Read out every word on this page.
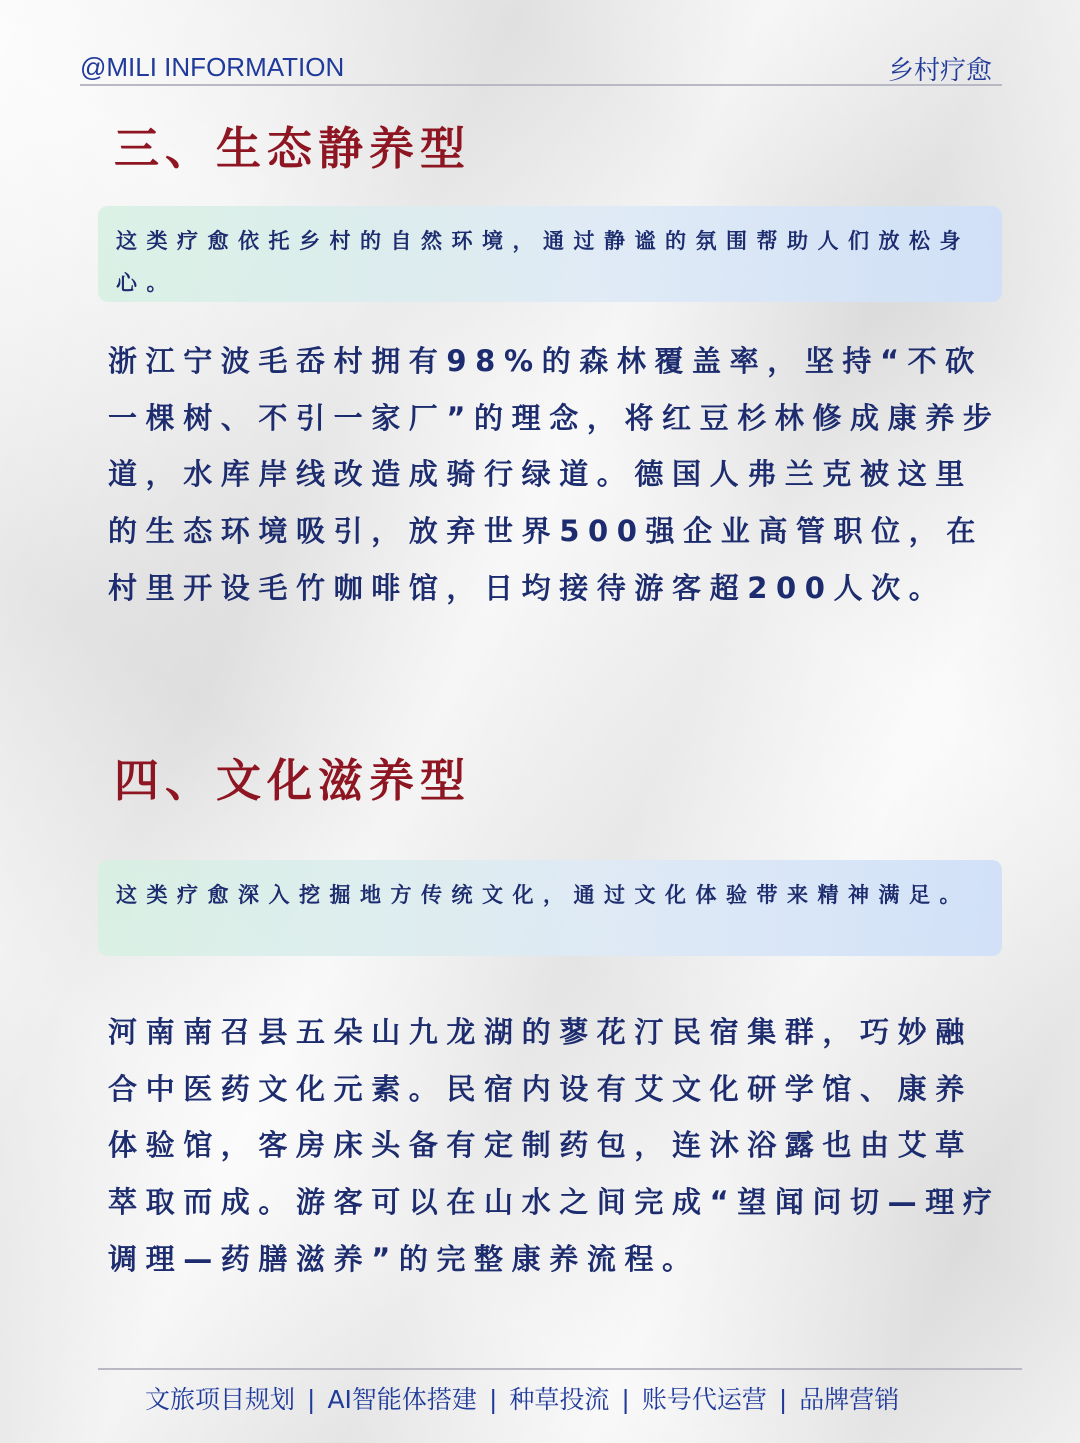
@MILI INFORMATION	乡村疗愈
三、生态静养型
这类疗愈依托乡村的自然环境，通过静谧的氛围帮助人们放松身心。

浙江宁波毛岙村拥有98%的森林覆盖率，坚持“不砍一棵树、不引一家厂”的理念，将红豆杉林修成康养步道，水库岸线改造成骑行绿道。德国人弗兰克被这里的生态环境吸引，放弃世界500强企业高管职位，在村里开设毛竹咖啡馆，日均接待游客超200人次。

四、文化滋养型
这类疗愈深入挖掘地方传统文化，通过文化体验带来精神满足。

河南南召县五朵山九龙湖的蓼花汀民宿集群，巧妙融合中医药文化元素。民宿内设有艾文化研学馆、康养体验馆，客房床头备有定制药包，连沐浴露也由艾草萃取而成。游客可以在山水之间完成“望闻问切—理疗调理—药膳滋养”的完整康养流程。

文旅项目规划 | AI智能体搭建 | 种草投流 | 账号代运营 | 品牌营销
